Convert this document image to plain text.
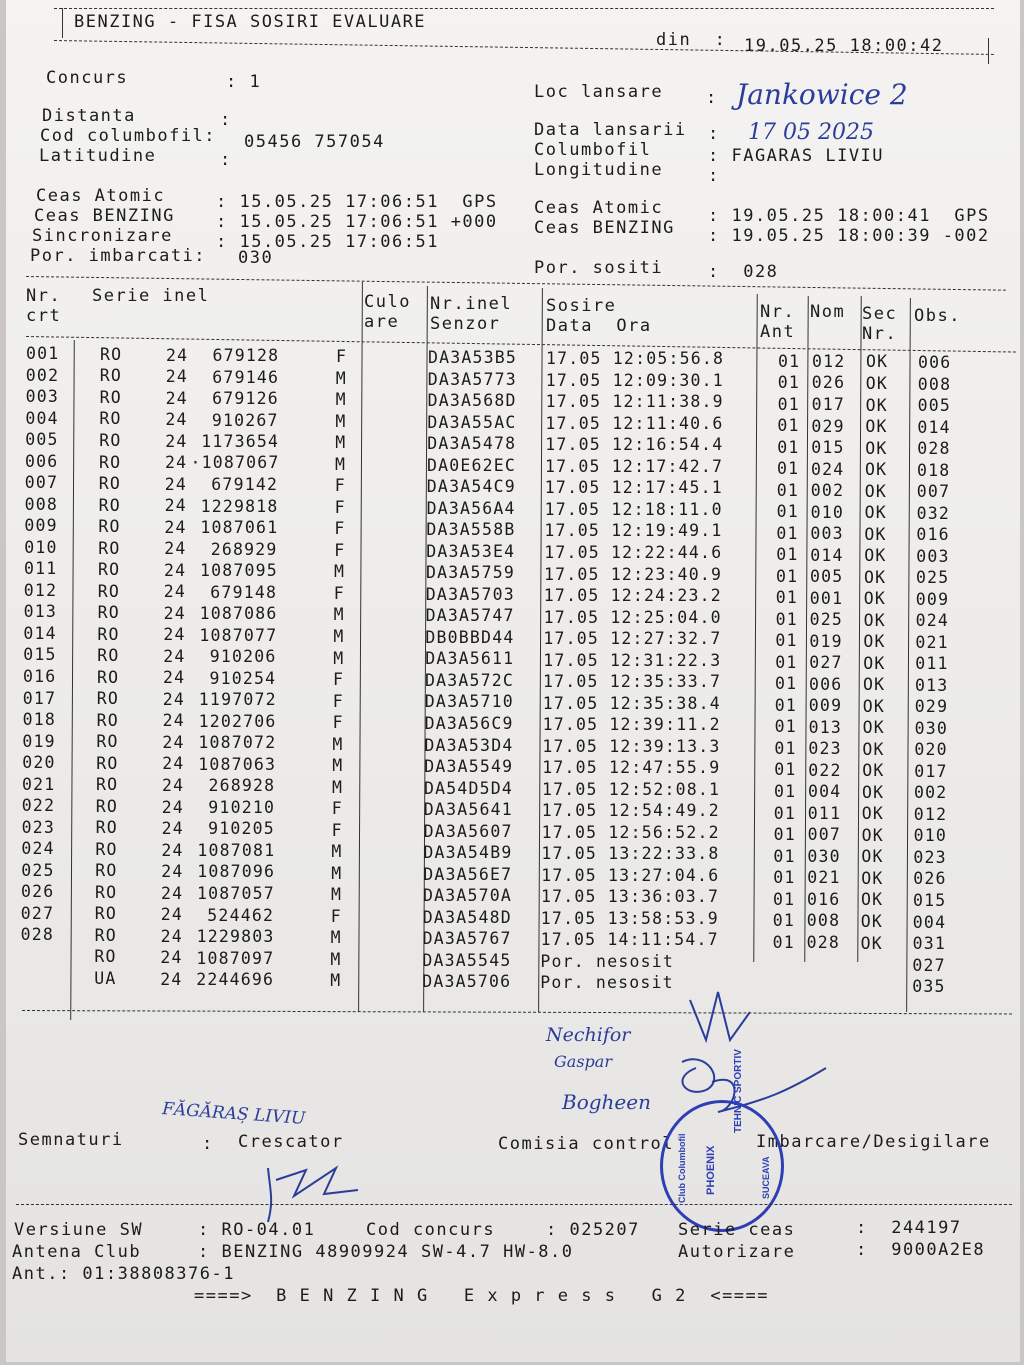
BENZING - FISA SOSIRI EVALUARE
din  : 19.05.25 18:00:42
Concurs	: 1
Distanta	:
Cod columbofil: 05456 757054
Latitudine	:
Loc lansare	: Jankowice 2
Data lansarii : 17 05 2025
Columbofil	: FAGARAS LIVIU
Longitudine	:
Ceas Atomic	: 15.05.25 17:06:51  GPS
Ceas BENZING : 15.05.25 17:06:51 +000
Sincronizare	: 15.05.25 17:06:51
Por. imbarcati: 030
Ceas Atomic	: 19.05.25 18:00:41  GPS
Ceas BENZING : 19.05.25 18:00:39 -002
Por. sositi	:  028
Nr.
crt
Serie inel	Culo
are
Nr.inel
Senzor
Sosire
Data  Ora
Nr.
Ant
Nom Sec
Nr.
Obs.
001 RO	24 679128	F	DA3A53B5 17.05 12:05:56.8	01 012 OK 006
002 RO	24 679146	M	DA3A5773 17.05 12:09:30.1	01 026 OK 008
003 RO	24 679126	M	DA3A568D 17.05 12:11:38.9	01 017 OK 005
004 RO	24 910267	M	DA3A55AC 17.05 12:11:40.6	01 029 OK 014
005 RO	24 1173654	M	DA3A5478 17.05 12:16:54.4	01 015 OK 028
006 RO	24 ·1087067	M	DA0E62EC 17.05 12:17:42.7	01 024 OK 018
007 RO	24 679142	F	DA3A54C9 17.05 12:17:45.1	01 002 OK 007
008 RO	24 1229818	F	DA3A56A4 17.05 12:18:11.0	01 010 OK 032
009 RO	24 1087061	F	DA3A558B 17.05 12:19:49.1	01 003 OK 016
010 RO	24 268929	F	DA3A53E4 17.05 12:22:44.6	01 014 OK 003
011 RO	24 1087095	M	DA3A5759 17.05 12:23:40.9	01 005 OK 025
012 RO	24 679148	F	DA3A5703 17.05 12:24:23.2	01 001 OK 009
013 RO	24 1087086	M	DA3A5747 17.05 12:25:04.0	01 025 OK 024
014 RO	24 1087077	M	DB0BBD44 17.05 12:27:32.7	01 019 OK 021
015 RO	24 910206	M	DA3A5611 17.05 12:31:22.3	01 027 OK 011
016 RO	24 910254	F	DA3A572C 17.05 12:35:33.7	01 006 OK 013
017 RO	24 1197072	F	DA3A5710 17.05 12:35:38.4	01 009 OK 029
018 RO	24 1202706	F	DA3A56C9 17.05 12:39:11.2	01 013 OK 030
019 RO	24 1087072	M	DA3A53D4 17.05 12:39:13.3	01 023 OK 020
020 RO	24 1087063	M	DA3A5549 17.05 12:47:55.9	01 022 OK 017
021 RO	24 268928	M	DA54D5D4 17.05 12:52:08.1	01 004 OK 002
022 RO	24 910210	F	DA3A5641 17.05 12:54:49.2	01 011 OK 012
023 RO	24 910205	F	DA3A5607 17.05 12:56:52.2	01 007 OK 010
024 RO	24 1087081	M	DA3A54B9 17.05 13:22:33.8	01 030 OK 023
025 RO	24 1087096	M	DA3A56E7 17.05 13:27:04.6	01 021 OK 026
026 RO	24 1087057	M	DA3A570A 17.05 13:36:03.7	01 016 OK 015
027 RO	24 524462	F	DA3A548D 17.05 13:58:53.9	01 008 OK 004
028 RO	24 1229803	M	DA3A5767 17.05 14:11:54.7	01 028 OK 031
RO	24 1087097	M	DA3A5545 Por. nesosit	027
UA	24 2244696	M	DA3A5706 Por. nesosit	035
Semnaturi	: Crescator	Comisia control	Imbarcare/Desigilare
FĂGĂRAȘ LIVIU
Nechifor
Gaspar
Bogheen	TEHNIC SPORTIV
PHOENIX
Club Columbofil	SUCEAVA
Versiune SW	: RO-04.01	Cod concurs	: 025207 Serie ceas	:  244197
Antena Club	: BENZING 48909924 SW-4.7 HW-8.0	Autorizare	:  9000A2E8
Ant.: 01:38808376-1
====>  B E N Z I N G   E x p r e s s   G 2  <====
